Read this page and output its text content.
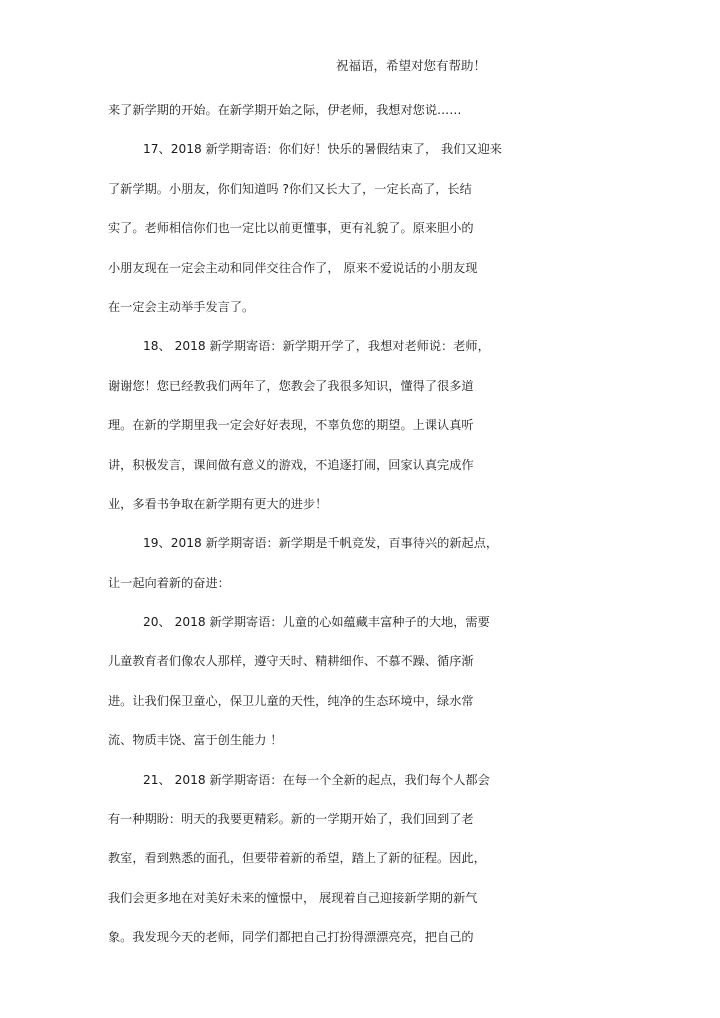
祝福语，希望对您有帮助！
来了新学期的开始。在新学期开始之际，伊老师，我想对您说……
17、2018 新学期寄语：你们好！快乐的暑假结束了， 我们又迎来
了新学期。小朋友，你们知道吗 ?你们又长大了，一定长高了，长结
实了。老师相信你们也一定比以前更懂事，更有礼貌了。原来胆小的
小朋友现在一定会主动和同伴交往合作了， 原来不爱说话的小朋友现
在一定会主动举手发言了。
18、 2018 新学期寄语：新学期开学了，我想对老师说：老师，
谢谢您！您已经教我们两年了，您教会了我很多知识，懂得了很多道
理。在新的学期里我一定会好好表现，不辜负您的期望。上课认真听
讲，积极发言，课间做有意义的游戏，不追逐打闹，回家认真完成作
业，多看书争取在新学期有更大的进步！
19、2018 新学期寄语：新学期是千帆竞发，百事待兴的新起点，
让一起向着新的奋进：
20、 2018 新学期寄语：儿童的心如蕴藏丰富种子的大地，需要
儿童教育者们像农人那样，遵守天时、精耕细作、不慕不躁、循序渐
进。让我们保卫童心，保卫儿童的天性，纯净的生态环境中，绿水常
流、物质丰饶、富于创生能力 ！
21、 2018 新学期寄语：在每一个全新的起点，我们每个人都会
有一种期盼：明天的我要更精彩。新的一学期开始了，我们回到了老
教室，看到熟悉的面孔，但要带着新的希望，踏上了新的征程。因此，
我们会更多地在对美好未来的憧憬中， 展现着自己迎接新学期的新气
象。我发现今天的老师，同学们都把自己打扮得漂漂亮亮，把自己的
